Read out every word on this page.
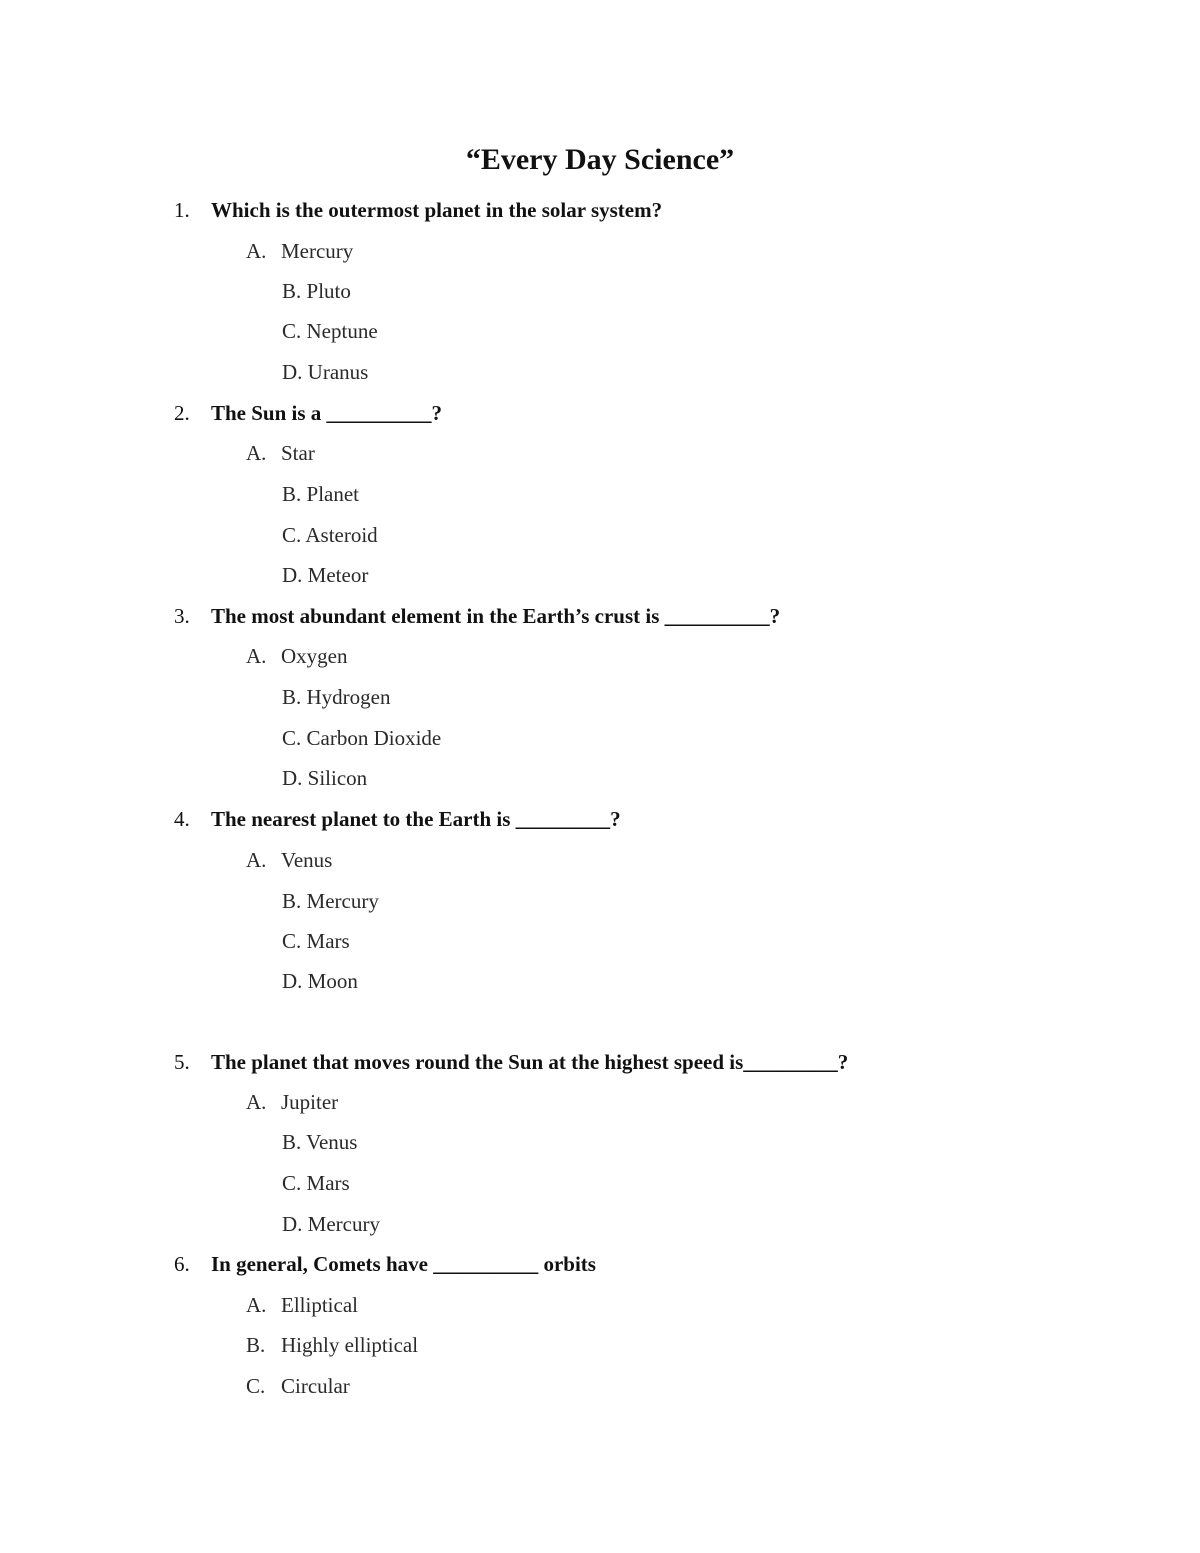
“Every Day Science”
1. Which is the outermost planet in the solar system?
A. Mercury
B. Pluto
C. Neptune
D. Uranus
2. The Sun is a __________?
A. Star
B. Planet
C. Asteroid
D. Meteor
3. The most abundant element in the Earth’s crust is __________?
A. Oxygen
B. Hydrogen
C. Carbon Dioxide
D. Silicon
4. The nearest planet to the Earth is _________?
A. Venus
B. Mercury
C. Mars
D. Moon
5. The planet that moves round the Sun at the highest speed is_________?
A. Jupiter
B. Venus
C. Mars
D. Mercury
6. In general, Comets have __________ orbits
A. Elliptical
B. Highly elliptical
C. Circular
